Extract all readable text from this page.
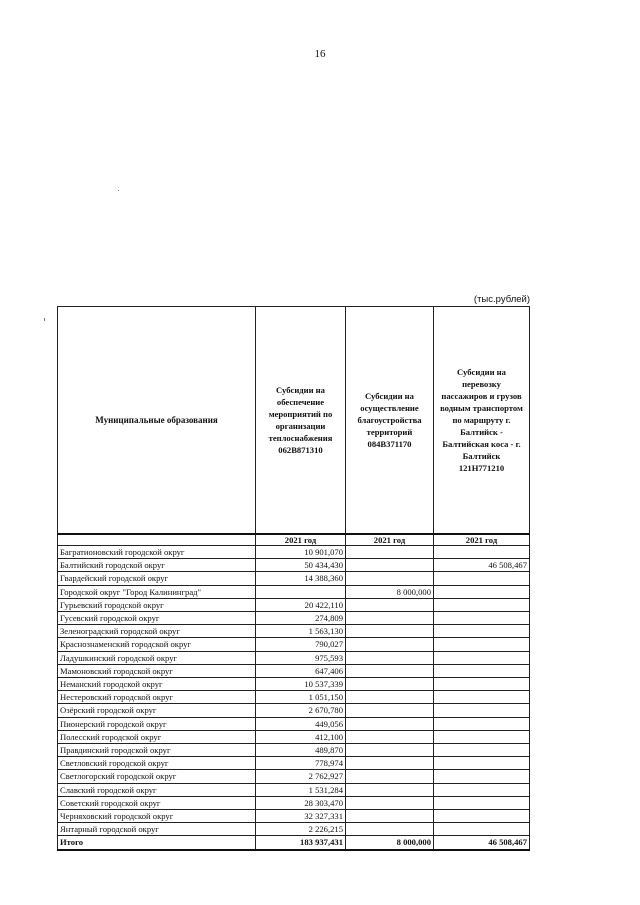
16
(тыс.рублей)
Муниципальные образования	Субсидии на обеспечение мероприятий по организации теплоснабжения 062B871310	Субсидии на осуществление благоустройства территорий 084B371170	Субсидии на перевозку пассажиров и грузов водным транспортом по маршруту г. Балтийск - Балтийская коса - г. Балтийск 121Н771210
	2021 год	2021 год	2021 год
Багратионовский городской округ	10 901,070		
Балтийский городской округ	50 434,430		46 508,467
Гвардейский городской округ	14 388,360		
Городской округ "Город Калининград"		8 000,000	
Гурьевский городской округ	20 422,110		
Гусевский городской округ	274,809		
Зеленоградский городской округ	1 563,130		
Краснознаменский городской округ	790,027		
Ладушкинский городской округ	975,593		
Мамоновский городской округ	647,406		
Неманский городской округ	10 537,339		
Нестеровский городской округ	1 051,150		
Озёрский городской округ	2 670,780		
Пионерский городской округ	449,056		
Полесский городской округ	412,100		
Правдинский городской округ	489,870		
Светловский городской округ	778,974		
Светлогорский городской округ	2 762,927		
Славский городской округ	1 531,284		
Советский городской округ	28 303,470		
Черняховский городской округ	32 327,331		
Янтарный городской округ	2 226,215		
Итого	183 937,431	8 000,000	46 508,467
